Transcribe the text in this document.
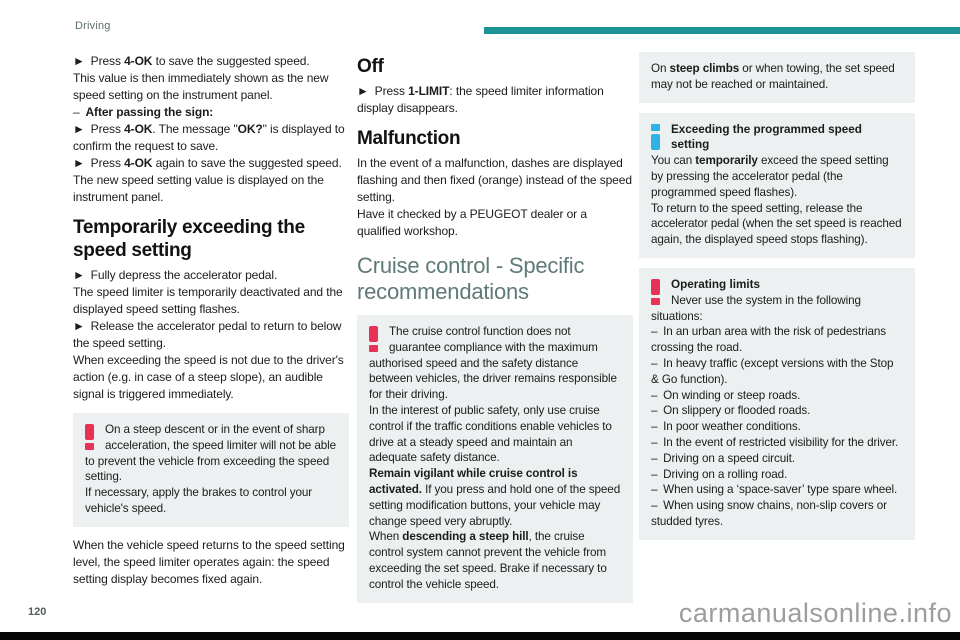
Driving

► Press 4-OK to save the suggested speed.

This value is then immediately shown as the new speed setting on the instrument panel.

– After passing the sign:

► Press 4-OK. The message "OK?" is displayed to confirm the request to save.

► Press 4-OK again to save the suggested speed. The new speed setting value is displayed on the instrument panel.

Temporarily exceeding the speed setting

► Fully depress the accelerator pedal.

The speed limiter is temporarily deactivated and the displayed speed setting flashes.

► Release the accelerator pedal to return to below the speed setting.

When exceeding the speed is not due to the driver's action (e.g. in case of a steep slope), an audible signal is triggered immediately.

On a steep descent or in the event of sharp acceleration, the speed limiter will not be able to prevent the vehicle from exceeding the speed setting.

If necessary, apply the brakes to control your vehicle's speed.

When the vehicle speed returns to the speed setting level, the speed limiter operates again: the speed setting display becomes fixed again.

Off

► Press 1-LIMIT: the speed limiter information display disappears.

Malfunction

In the event of a malfunction, dashes are displayed flashing and then fixed (orange) instead of the speed setting.

Have it checked by a PEUGEOT dealer or a qualified workshop.

Cruise control - Specific recommendations

The cruise control function does not guarantee compliance with the maximum authorised speed and the safety distance between vehicles, the driver remains responsible for their driving.

In the interest of public safety, only use cruise control if the traffic conditions enable vehicles to drive at a steady speed and maintain an adequate safety distance.

Remain vigilant while cruise control is activated. If you press and hold one of the speed setting modification buttons, your vehicle may change speed very abruptly.

When descending a steep hill, the cruise control system cannot prevent the vehicle from exceeding the set speed. Brake if necessary to control the vehicle speed.

On steep climbs or when towing, the set speed may not be reached or maintained.

Exceeding the programmed speed setting

You can temporarily exceed the speed setting by pressing the accelerator pedal (the programmed speed flashes).

To return to the speed setting, release the accelerator pedal (when the set speed is reached again, the displayed speed stops flashing).

Operating limits

Never use the system in the following situations:

– In an urban area with the risk of pedestrians crossing the road.

– In heavy traffic (except versions with the Stop & Go function).

– On winding or steep roads.

– On slippery or flooded roads.

– In poor weather conditions.

– In the event of restricted visibility for the driver.

– Driving on a speed circuit.

– Driving on a rolling road.

– When using a ‘space-saver’ type spare wheel.

– When using snow chains, non-slip covers or studded tyres.

120	carmanualsonline.info
